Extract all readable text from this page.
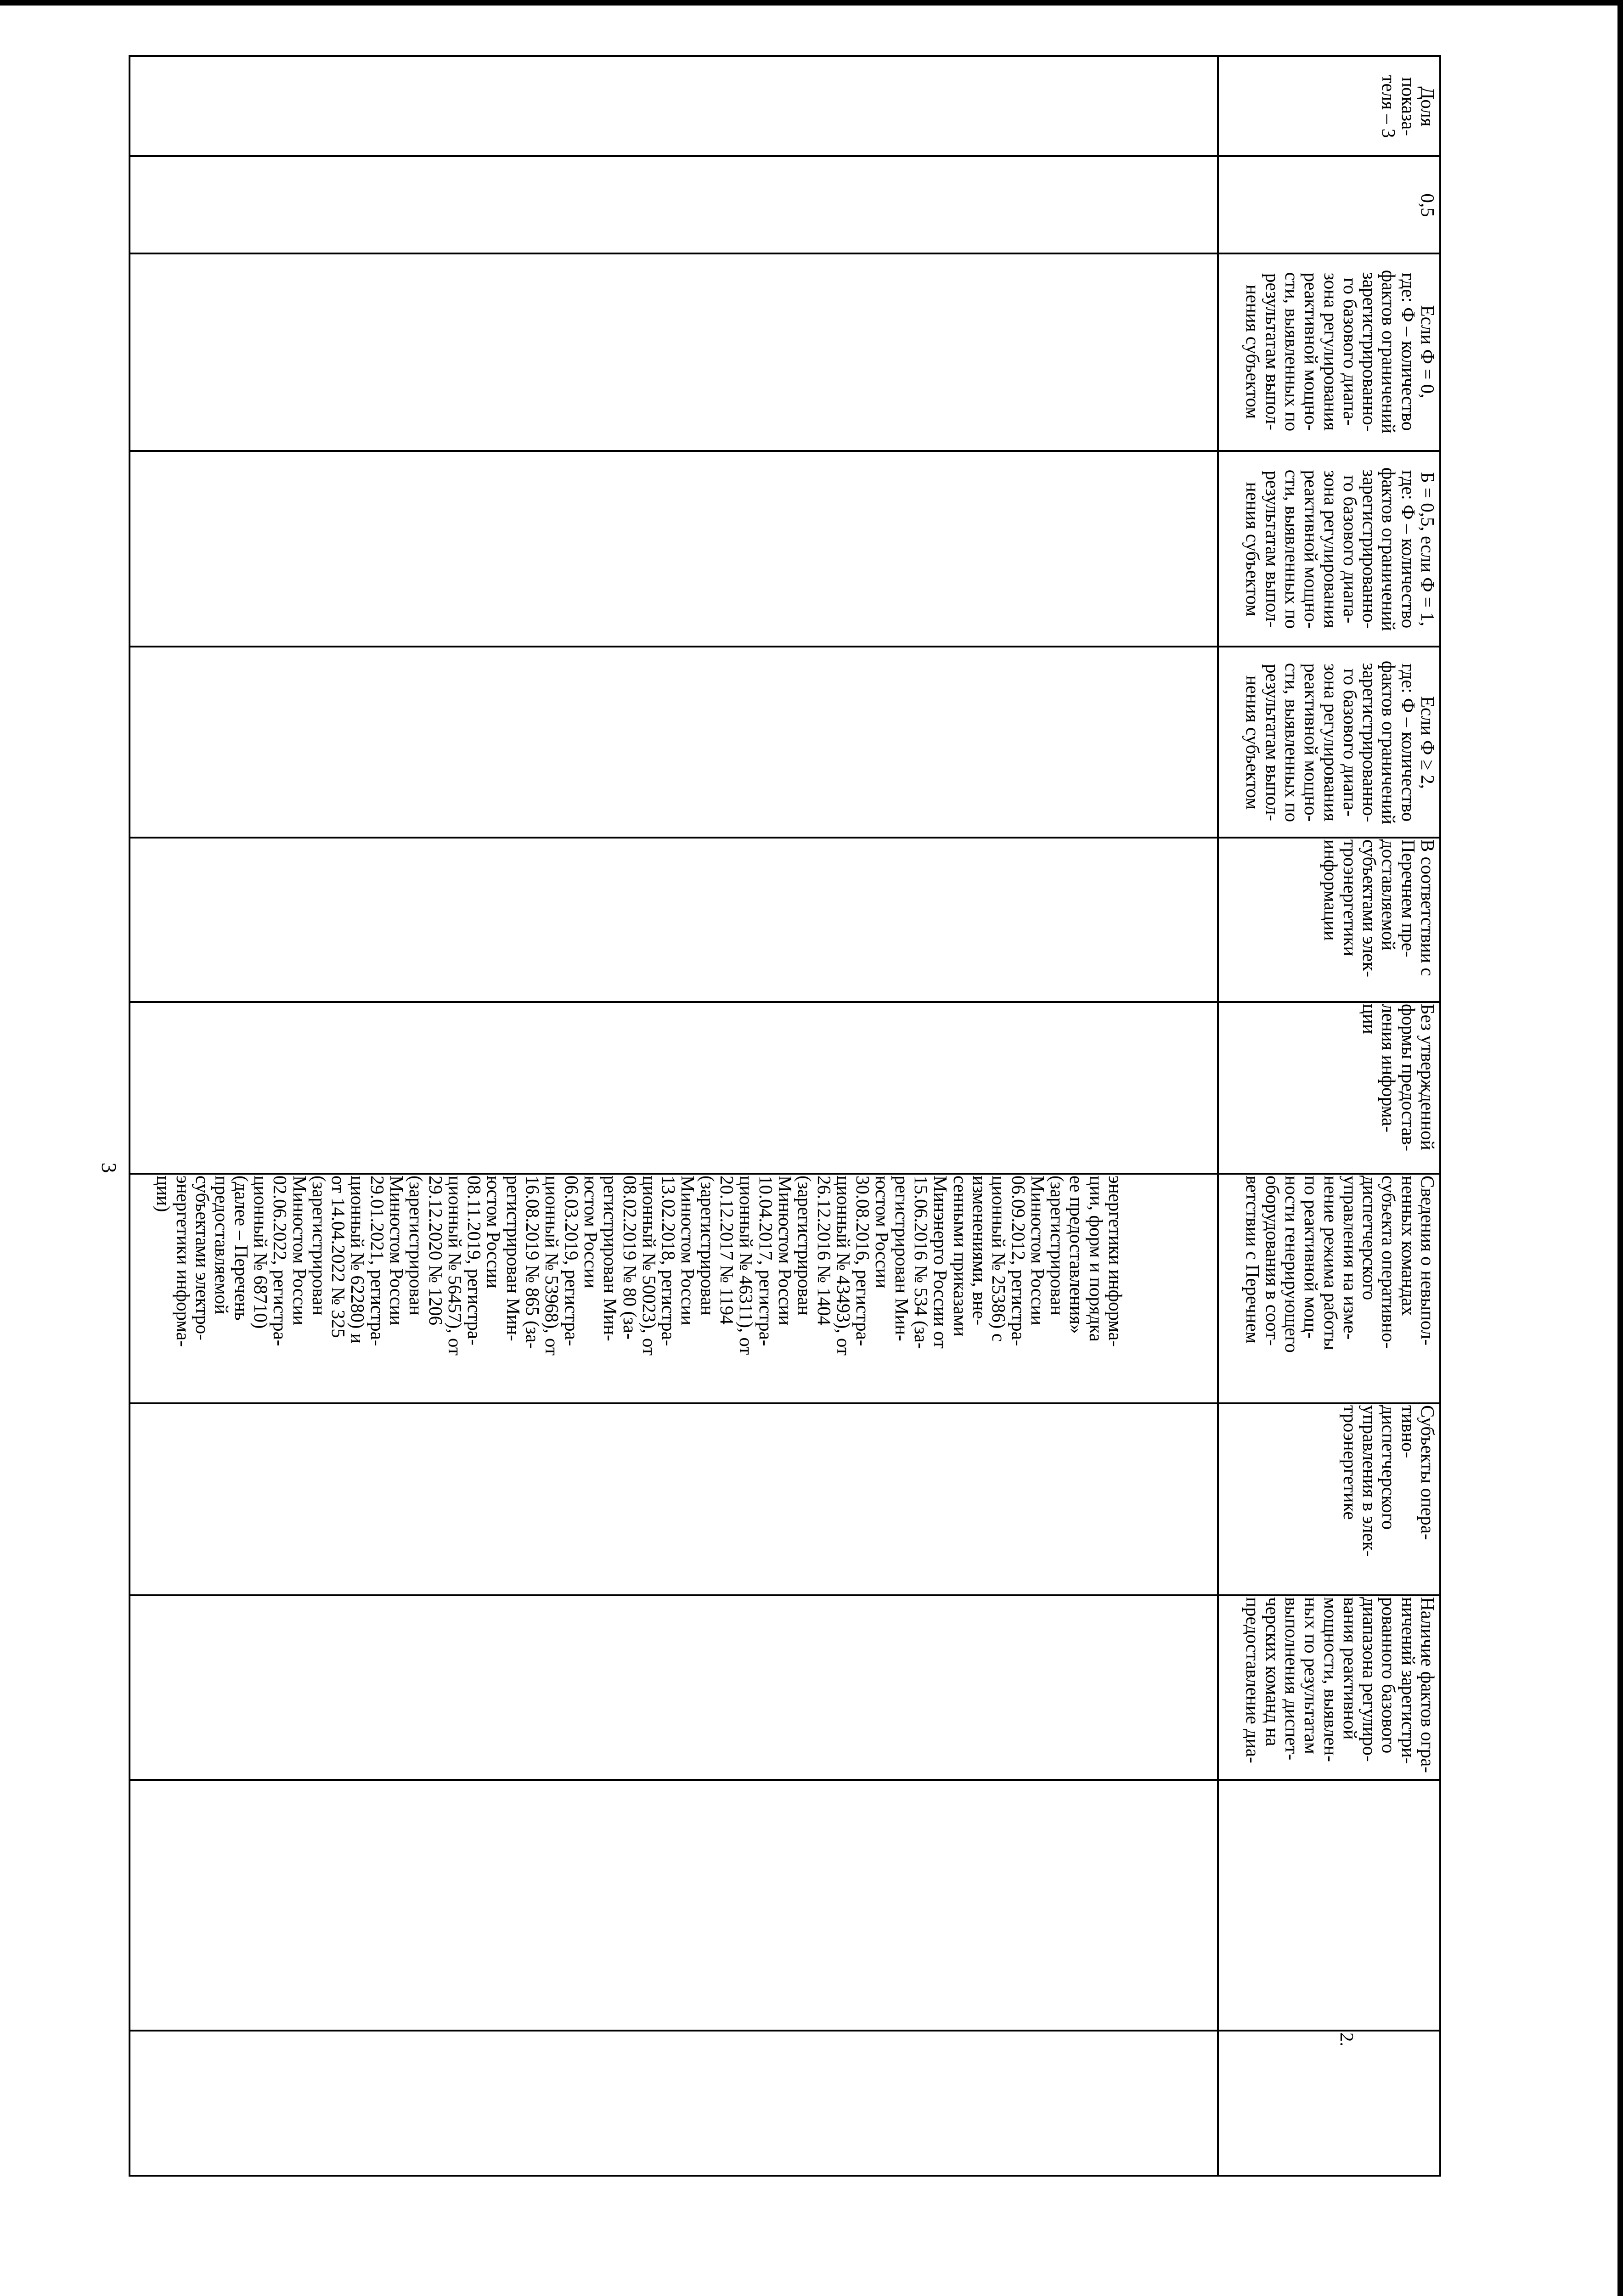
3
энергетики информа-
ции, форм и порядка
ее предоставления»
(зарегистрирован
Минюстом России
06.09.2012, регистра-
ционный № 25386) с
изменениями, вне-
сенными приказами
Минэнерго России от
15.06.2016 № 534 (за-
регистрирован Мин-
юстом России
30.08.2016, регистра-
ционный № 43493), от
26.12.2016 № 1404
(зарегистрирован
Минюстом России
10.04.2017, регистра-
ционный № 46311), от
20.12.2017 № 1194
(зарегистрирован
Минюстом России
13.02.2018, регистра-
ционный № 50023), от
08.02.2019 № 80 (за-
регистрирован Мин-
юстом России
06.03.2019, регистра-
ционный № 53968), от
16.08.2019 № 865 (за-
регистрирован Мин-
юстом России
08.11.2019, регистра-
ционный № 56457), от
29.12.2020 № 1206
(зарегистрирован
Минюстом России
29.01.2021, регистра-
ционный № 62280) и
от 14.04.2022 № 325
(зарегистрирован
Минюстом России
02.06.2022, регистра-
ционный № 68710)
(далее – Перечень
предоставляемой
субъектами электро-
энергетики информа-
ции)
2.
Наличие фактов огра-
ничений зарегистри-
рованного базового
диапазона регулиро-
вания реактивной
мощности, выявлен-
ных по результатам
выполнения диспет-
черских команд на
предоставление диа-
Субъекты опера-
тивно-
диспетчерского
управления в элек-
троэнергетике
Сведения о невыпол-
ненных командах
субъекта оперативно-
диспетчерского
управления на изме-
нение режима работы
по реактивной мощ-
ности генерирующего
оборудования в соот-
ветствии с Перечнем
Без утвержденной
формы предостав-
ления информа-
ции
В соответствии с
Перечнем пре-
доставляемой
субъектами элек-
троэнергетики
информации
Если Ф ≥ 2,
где: Ф – количество
фактов ограничений
зарегистрированно-
го базового диапа-
зона регулирования
реактивной мощно-
сти, выявленных по
результатам выпол-
нения субъектом
Б = 0,5, если Ф = 1,
где: Ф – количество
фактов ограничений
зарегистрированно-
го базового диапа-
зона регулирования
реактивной мощно-
сти, выявленных по
результатам выпол-
нения субъектом
Если Ф = 0,
где: Ф – количество
фактов ограничений
зарегистрированно-
го базового диапа-
зона регулирования
реактивной мощно-
сти, выявленных по
результатам выпол-
нения субъектом
0,5
Доля
показа-
теля – 3
